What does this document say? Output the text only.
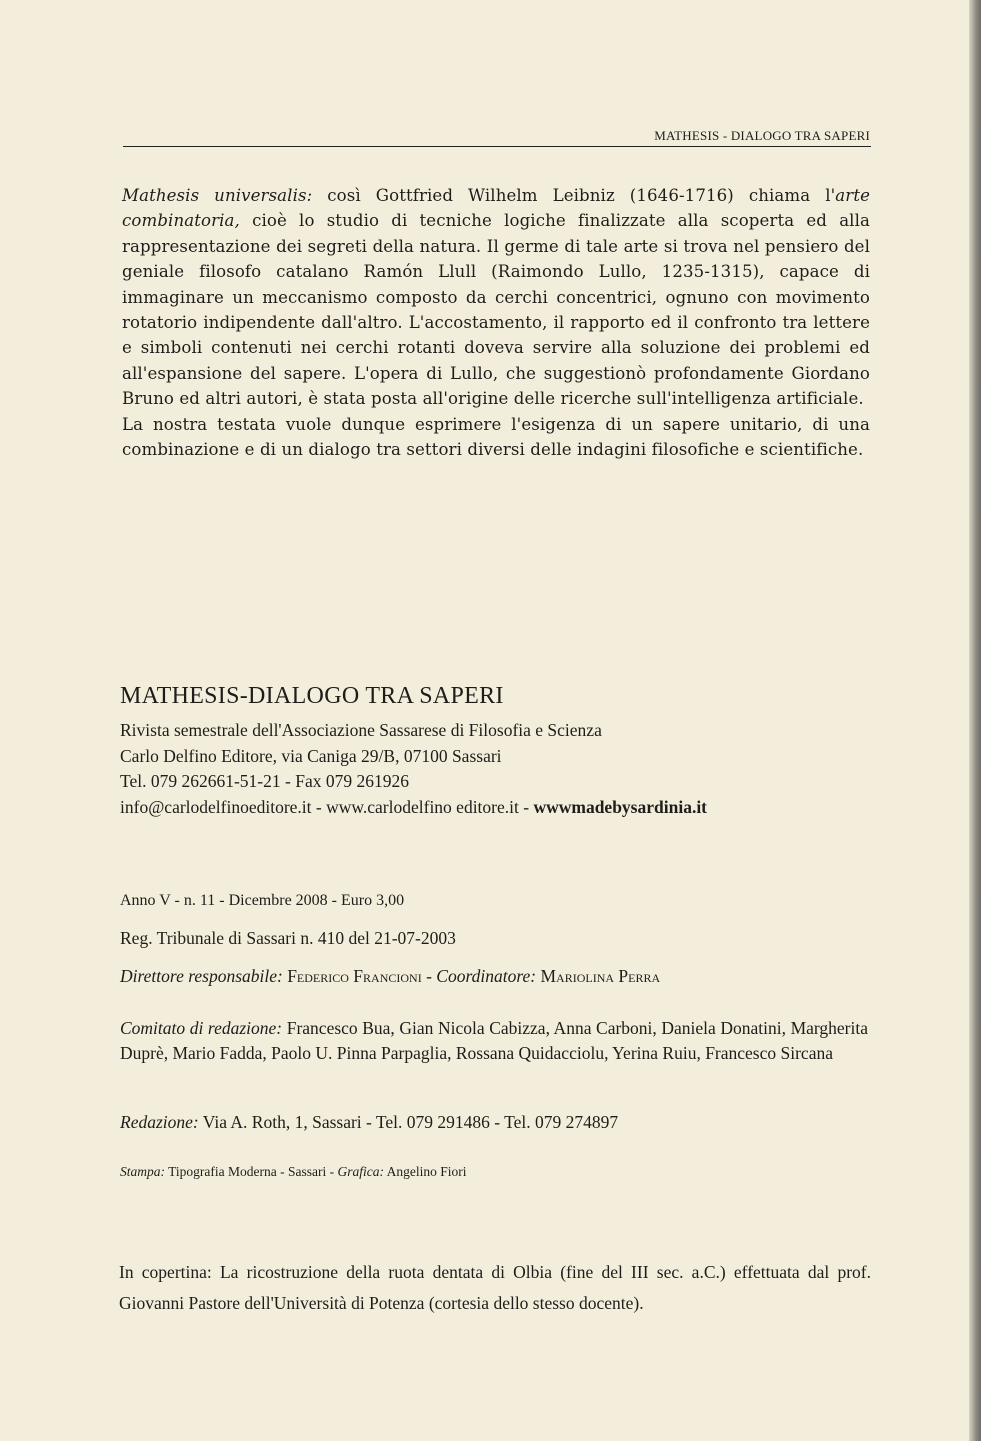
MATHESIS - DIALOGO TRA SAPERI

Mathesis universalis: così Gottfried Wilhelm Leibniz (1646-1716) chiama l'arte combinatoria, cioè lo studio di tecniche logiche finalizzate alla scoperta ed alla rappresentazione dei segreti della natura. Il germe di tale arte si trova nel pensiero del geniale filosofo catalano Ramón Llull (Raimondo Lullo, 1235-1315), capace di immaginare un meccanismo composto da cerchi concentrici, ognuno con movimento rotatorio indipendente dall'altro. L'accostamento, il rapporto ed il confronto tra lettere e simboli contenuti nei cerchi rotanti doveva servire alla soluzione dei problemi ed all'espansione del sapere. L'opera di Lullo, che suggestionò profondamente Giordano Bruno ed altri autori, è stata posta all'origine delle ricerche sull'intelligenza artificiale.

La nostra testata vuole dunque esprimere l'esigenza di un sapere unitario, di una combinazione e di un dialogo tra settori diversi delle indagini filosofiche e scientifiche.

MATHESIS-DIALOGO TRA SAPERI
Rivista semestrale dell'Associazione Sassarese di Filosofia e Scienza
Carlo Delfino Editore, via Caniga 29/B, 07100 Sassari
Tel. 079 262661-51-21 - Fax 079 261926
info@carlodelfinoeditore.it - www.carlodelfino editore.it - wwwmadebysardinia.it
Anno V - n. 11 - Dicembre 2008 - Euro 3,00
Reg. Tribunale di Sassari n. 410 del 21-07-2003
Direttore responsabile: Federico Francioni - Coordinatore: Mariolina Perra
Comitato di redazione: Francesco Bua, Gian Nicola Cabizza, Anna Carboni, Daniela Donatini, Margherita Duprè, Mario Fadda, Paolo U. Pinna Parpaglia, Rossana Quidacciolu, Yerina Ruiu, Francesco Sircana
Redazione: Via A. Roth, 1, Sassari - Tel. 079 291486 - Tel. 079 274897
Stampa: Tipografia Moderna - Sassari - Grafica: Angelino Fiori
In copertina: La ricostruzione della ruota dentata di Olbia (fine del III sec. a.C.) effettuata dal prof. Giovanni Pastore dell'Università di Potenza (cortesia dello stesso docente).
